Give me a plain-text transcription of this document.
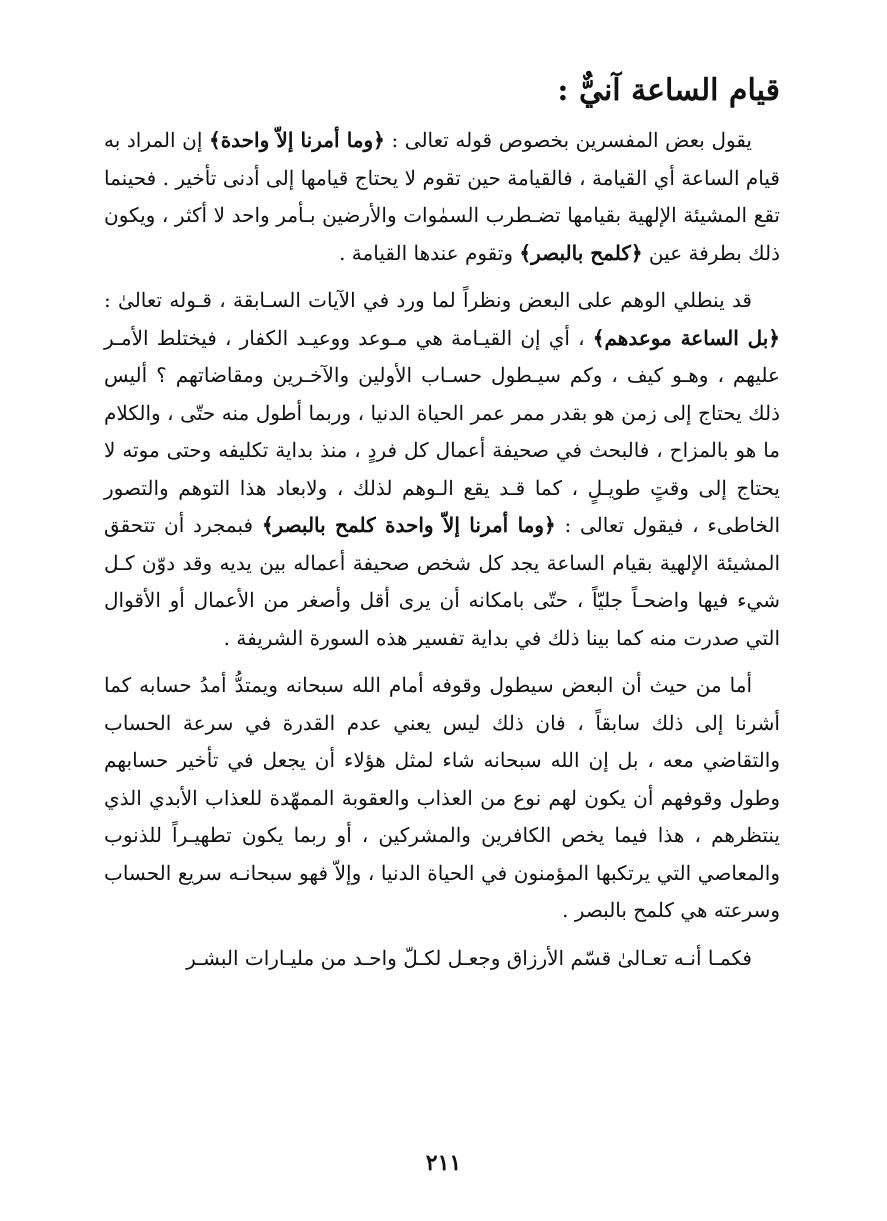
قيام الساعة آنيٌّ :

يقول بعض المفسرين بخصوص قوله تعالى : ﴿وما أمرنا إلاّ واحدة﴾ إن المراد به قيام الساعة أي القيامة ، فالقيامة حين تقوم لا يحتاج قيامها إلى أدنى تأخير . فحينما تقع المشيئة الإلهية بقيامها تضـطرب السمٰوات والأرضين بـأمر واحد لا أكثر ، ويكون ذلك بطرفة عين ﴿كلمح بالبصر﴾ وتقوم عندها القيامة .

قد ينطلي الوهم على البعض ونظراً لما ورد في الآيات السـابقة ، قـوله تعالىٰ : ﴿بل الساعة موعدهم﴾ ، أي إن القيـامة هي مـوعد ووعيـد الكفار ، فيختلط الأمـر عليهم ، وهـو كيف ، وكم سيـطول حسـاب الأولين والآخـرين ومقاضاتهم ؟ أليس ذلك يحتاج إلى زمن هو بقدر ممر عمر الحياة الدنيا ، وربما أطول منه حتّى ، والكلام ما هو بالمزاح ، فالبحث في صحيفة أعمال كل فردٍ ، منذ بداية تكليفه وحتى موته لا يحتاج إلى وقتٍ طويـلٍ ، كما قـد يقع الـوهم لذلك ، ولابعاد هذا التوهم والتصور الخاطىء ، فيقول تعالى : ﴿وما أمرنا إلاّ واحدة كلمح بالبصر﴾ فبمجرد أن تتحقق المشيئة الإلهية بقيام الساعة يجد كل شخص صحيفة أعماله بين يديه وقد دوّن كـل شيء فيها واضحـاً جليّاً ، حتّى بامكانه أن يرى أقل وأصغر من الأعمال أو الأقوال التي صدرت منه كما بينا ذلك في بداية تفسير هذه السورة الشريفة .

أما من حيث أن البعض سيطول وقوفه أمام الله سبحانه ويمتدُّ أمدُ حسابه كما أشرنا إلى ذلك سابقاً ، فان ذلك ليس يعني عدم القدرة في سرعة الحساب والتقاضي معه ، بل إن الله سبحانه شاء لمثل هؤلاء أن يجعل في تأخير حسابهم وطول وقوفهم أن يكون لهم نوع من العذاب والعقوبة الممهّدة للعذاب الأبدي الذي ينتظرهم ، هذا فيما يخص الكافرين والمشركين ، أو ربما يكون تطهيـراً للذنوب والمعاصي التي يرتكبها المؤمنون في الحياة الدنيا ، وإلاّ فهو سبحانـه سريع الحساب وسرعته هي كلمح بالبصر .

فكمـا أنـه تعـالىٰ قسّم الأرزاق وجعـل لكـلّ واحـد من مليـارات البشـر

٢١١
